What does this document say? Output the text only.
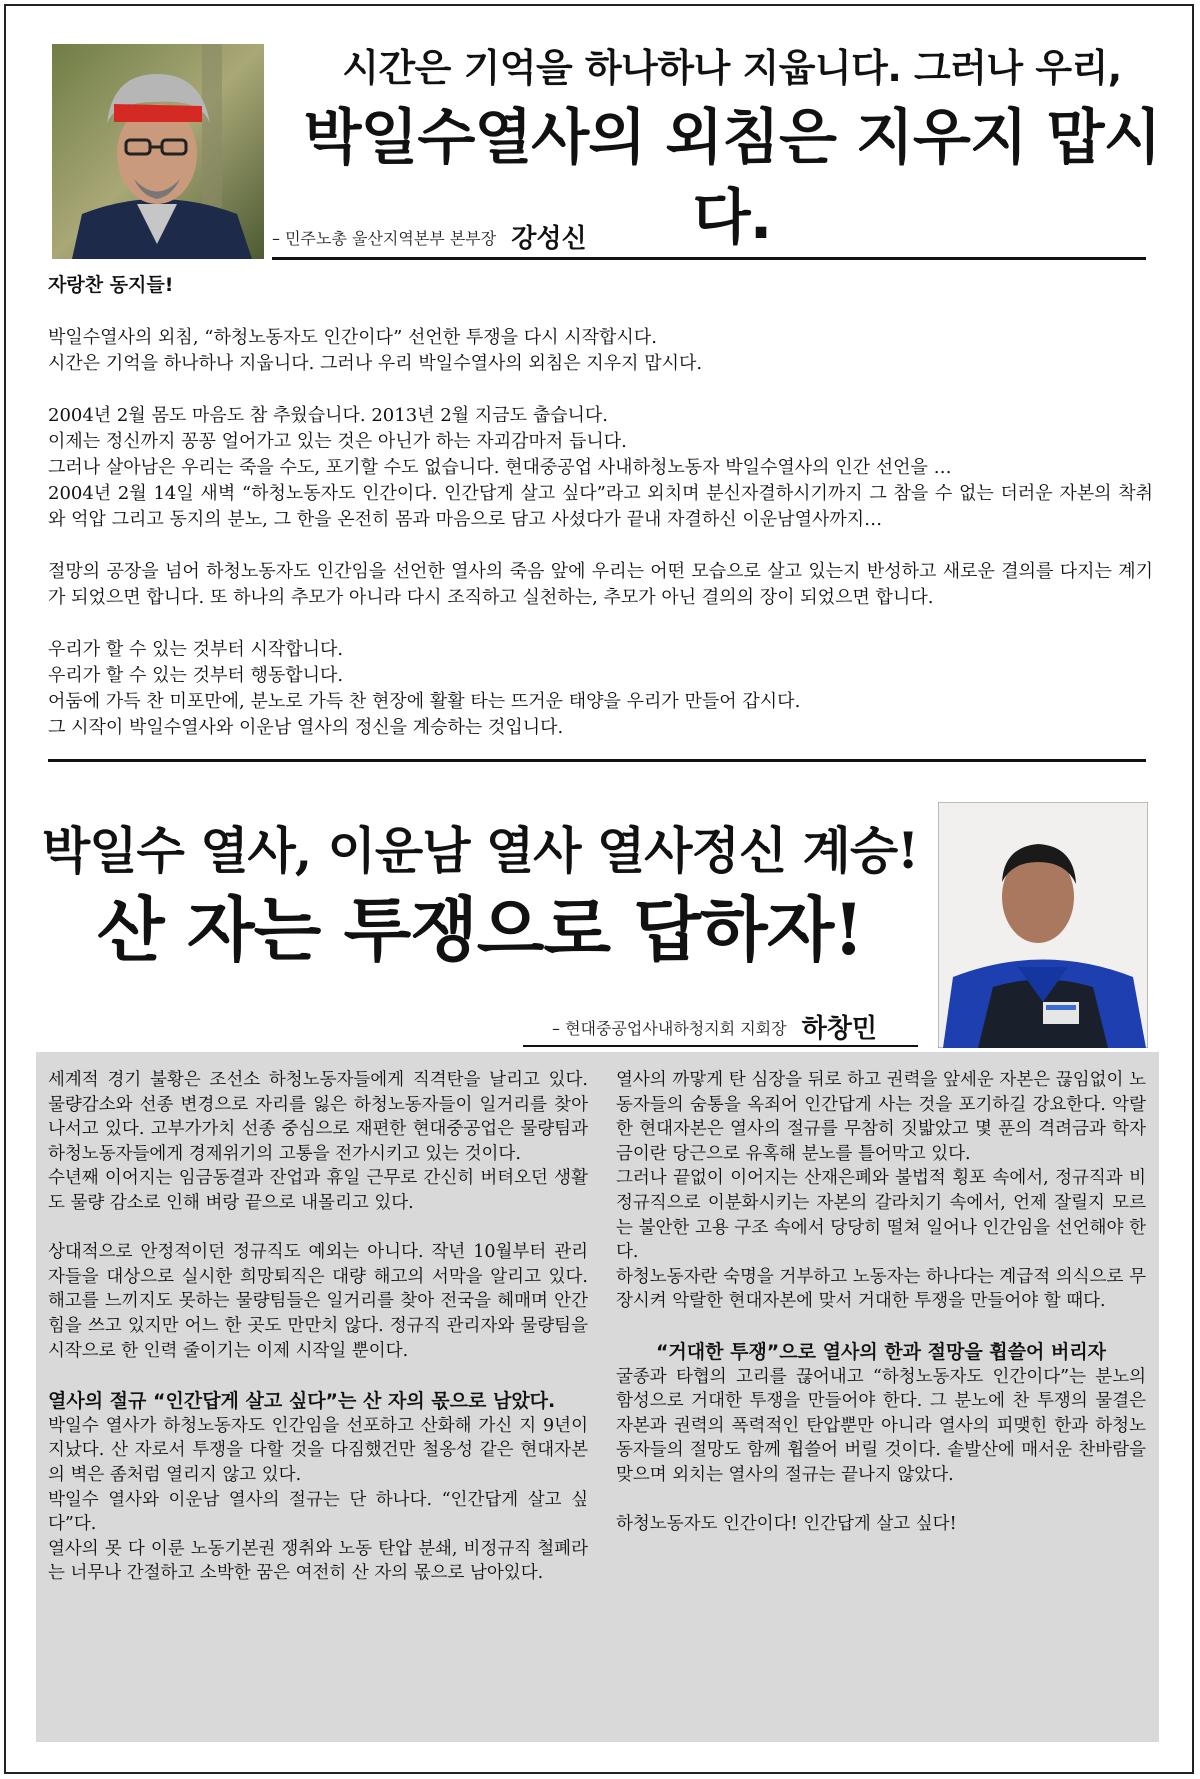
시간은 기억을 하나하나 지웁니다. 그러나 우리,
박일수열사의 외침은 지우지 맙시다.
– 민주노총 울산지역본부 본부장 강성신

자랑찬 동지들!

박일수열사의 외침, “하청노동자도 인간이다” 선언한 투쟁을 다시 시작합시다.
시간은 기억을 하나하나 지웁니다. 그러나 우리 박일수열사의 외침은 지우지 맙시다.

2004년 2월 몸도 마음도 참 추웠습니다. 2013년 2월 지금도 춥습니다.
이제는 정신까지 꽁꽁 얼어가고 있는 것은 아닌가 하는 자괴감마저 듭니다.
그러나 살아남은 우리는 죽을 수도, 포기할 수도 없습니다. 현대중공업 사내하청노동자 박일수열사의 인간 선언을 …
2004년 2월 14일 새벽 “하청노동자도 인간이다. 인간답게 살고 싶다”라고 외치며 분신자결하시기까지 그 참을 수 없는 더러운 자본의 착취와 억압 그리고 동지의 분노, 그 한을 온전히 몸과 마음으로 담고 사셨다가 끝내 자결하신 이운남열사까지…

절망의 공장을 넘어 하청노동자도 인간임을 선언한 열사의 죽음 앞에 우리는 어떤 모습으로 살고 있는지 반성하고 새로운 결의를 다지는 계기가 되었으면 합니다. 또 하나의 추모가 아니라 다시 조직하고 실천하는, 추모가 아닌 결의의 장이 되었으면 합니다.

우리가 할 수 있는 것부터 시작합니다.
우리가 할 수 있는 것부터 행동합니다.
어둠에 가득 찬 미포만에, 분노로 가득 찬 현장에 활활 타는 뜨거운 태양을 우리가 만들어 갑시다.
그 시작이 박일수열사와 이운남 열사의 정신을 계승하는 것입니다.

박일수 열사, 이운남 열사 열사정신 계승!
산 자는 투쟁으로 답하자!
– 현대중공업사내하청지회 지회장 하창민
세계적 경기 불황은 조선소 하청노동자들에게 직격탄을 날리고 있다. 물량감소와 선종 변경으로 자리를 잃은 하청노동자들이 일거리를 찾아 나서고 있다. 고부가가치 선종 중심으로 재편한 현대중공업은 물량팀과 하청노동자들에게 경제위기의 고통을 전가시키고 있는 것이다.

수년째 이어지는 임금동결과 잔업과 휴일 근무로 간신히 버텨오던 생활도 물량 감소로 인해 벼랑 끝으로 내몰리고 있다.

상대적으로 안정적이던 정규직도 예외는 아니다. 작년 10월부터 관리자들을 대상으로 실시한 희망퇴직은 대량 해고의 서막을 알리고 있다. 해고를 느끼지도 못하는 물량팀들은 일거리를 찾아 전국을 헤매며 안간힘을 쓰고 있지만 어느 한 곳도 만만치 않다. 정규직 관리자와 물량팀을 시작으로 한 인력 줄이기는 이제 시작일 뿐이다.

열사의 절규 “인간답게 살고 싶다”는 산 자의 몫으로 남았다.
박일수 열사가 하청노동자도 인간임을 선포하고 산화해 가신 지 9년이 지났다. 산 자로서 투쟁을 다할 것을 다짐했건만 철옹성 같은 현대자본의 벽은 좀처럼 열리지 않고 있다.
박일수 열사와 이운남 열사의 절규는 단 하나다. “인간답게 살고 싶다”다.
열사의 못 다 이룬 노동기본권 쟁취와 노동 탄압 분쇄, 비정규직 철폐라는 너무나 간절하고 소박한 꿈은 여전히 산 자의 몫으로 남아있다.
열사의 까맣게 탄 심장을 뒤로 하고 권력을 앞세운 자본은 끊임없이 노동자들의 숨통을 옥죄어 인간답게 사는 것을 포기하길 강요한다. 악랄한 현대자본은 열사의 절규를 무참히 짓밟았고 몇 푼의 격려금과 학자금이란 당근으로 유혹해 분노를 틀어막고 있다.
그러나 끝없이 이어지는 산재은폐와 불법적 횡포 속에서, 정규직과 비정규직으로 이분화시키는 자본의 갈라치기 속에서, 언제 잘릴지 모르는 불안한 고용 구조 속에서 당당히 떨쳐 일어나 인간임을 선언해야 한다.

하청노동자란 숙명을 거부하고 노동자는 하나다는 계급적 의식으로 무장시켜 악랄한 현대자본에 맞서 거대한 투쟁을 만들어야 할 때다.

“거대한 투쟁”으로 열사의 한과 절망을 휩쓸어 버리자

굴종과 타협의 고리를 끊어내고 “하청노동자도 인간이다”는 분노의 함성으로 거대한 투쟁을 만들어야 한다. 그 분노에 찬 투쟁의 물결은 자본과 권력의 폭력적인 탄압뿐만 아니라 열사의 피맺힌 한과 하청노동자들의 절망도 함께 휩쓸어 버릴 것이다. 솥발산에 매서운 찬바람을 맞으며 외치는 열사의 절규는 끝나지 않았다.

하청노동자도 인간이다! 인간답게 살고 싶다!
